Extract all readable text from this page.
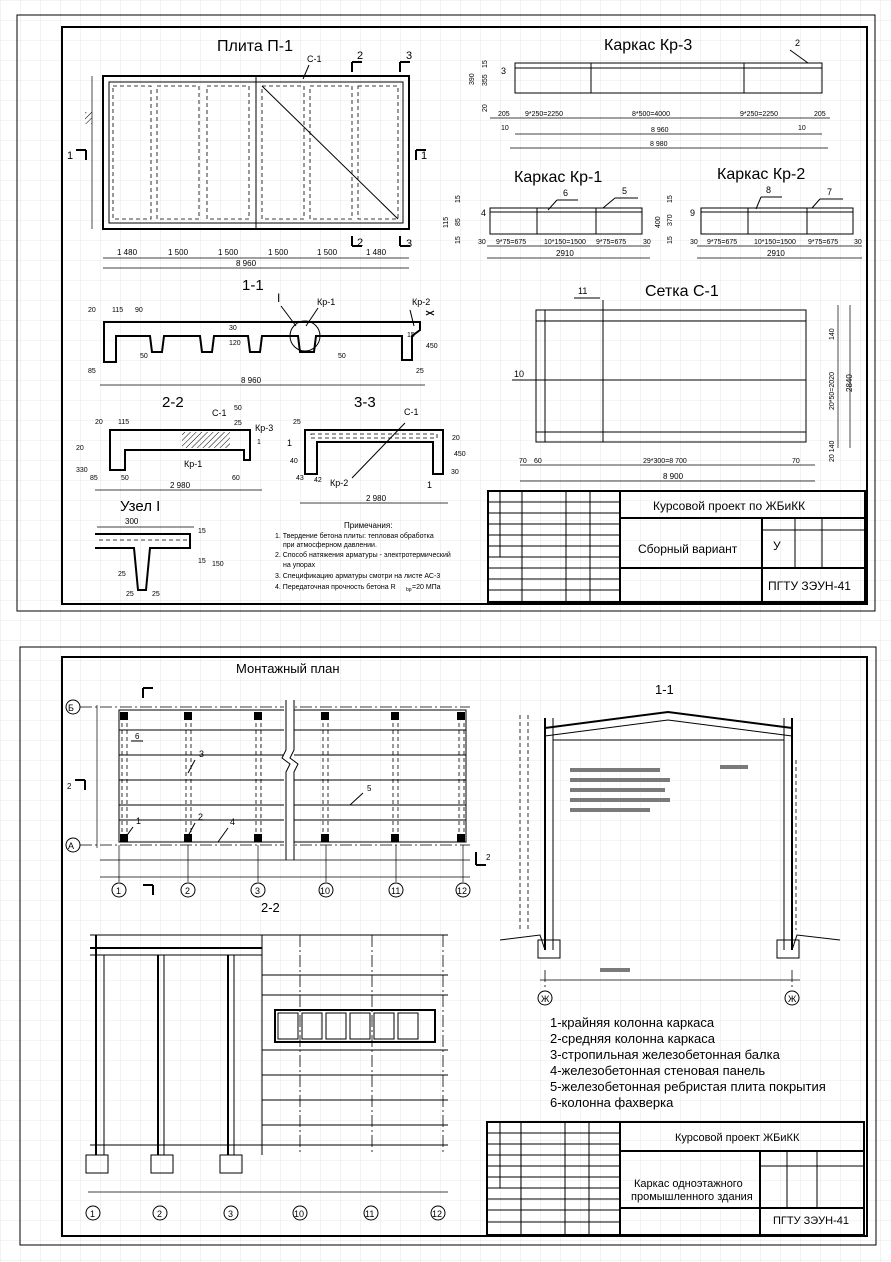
Плита П-1
С-1	2	3
2	3
1	1
1 480	1 500	1 500	1 500	1 500	1 480
8 960
1-1
I	Кр-1	Кр-2
20 115 90
30
120
50	50
15
450
85	25
8 960
2-2
С-1
Кр-3
Кр-1
20 115
50
25
20
330
85	50	60
1
2 980
3-3
С-1
Кр-2
25
1
40
43 42
450
30
20
1
2 980
Узел I
300
15
15 150
25
25	25
Примечания:
1. Твердение бетона плиты: тепловая обработка
при атмосферном давлении.
2. Способ натяжения арматуры - электротермический
на упорах
3. Спецификацию арматуры смотри на листе АС-3
4. Передаточная прочность бетона R bp =20 МПа
Каркас Кр-3
3
2
390 355
15
20
205 9*250=2250	8*500=4000	9*250=2250	205
10	10
8 960
8 980
Каркас Кр-1
4
5
6
115 85
15
15 30 9*75=675	10*150=1500 9*75=675 30
2910
Каркас Кр-2
9
7
8
400 370
15
15 30 9*75=675 10*150=1500 9*75=675 30
2910
Сетка С-1
11
10
140
20*50=2020
20 140
2840
70 60	29*300=8 700	70
8 900
Курсовой проект по ЖБиКК
Сборный вариант	У
ПГТУ ЗЭУН-41
Монтажный план
Б
А
6
3
5
1	2	4
2
2
1	2	3	10	11	12
1-1
Ж	Ж
2-2
1	2	3	10	11	12
1-крайняя колонна каркаса
2-средняя колонна каркаса
3-стропильная железобетонная балка
4-железобетонная стеновая панель
5-железобетонная ребристая плита покрытия
6-колонна фахверка
Курсовой проект ЖБиКК
Каркас одноэтажного
промышленного здания
ПГТУ ЗЭУН-41
